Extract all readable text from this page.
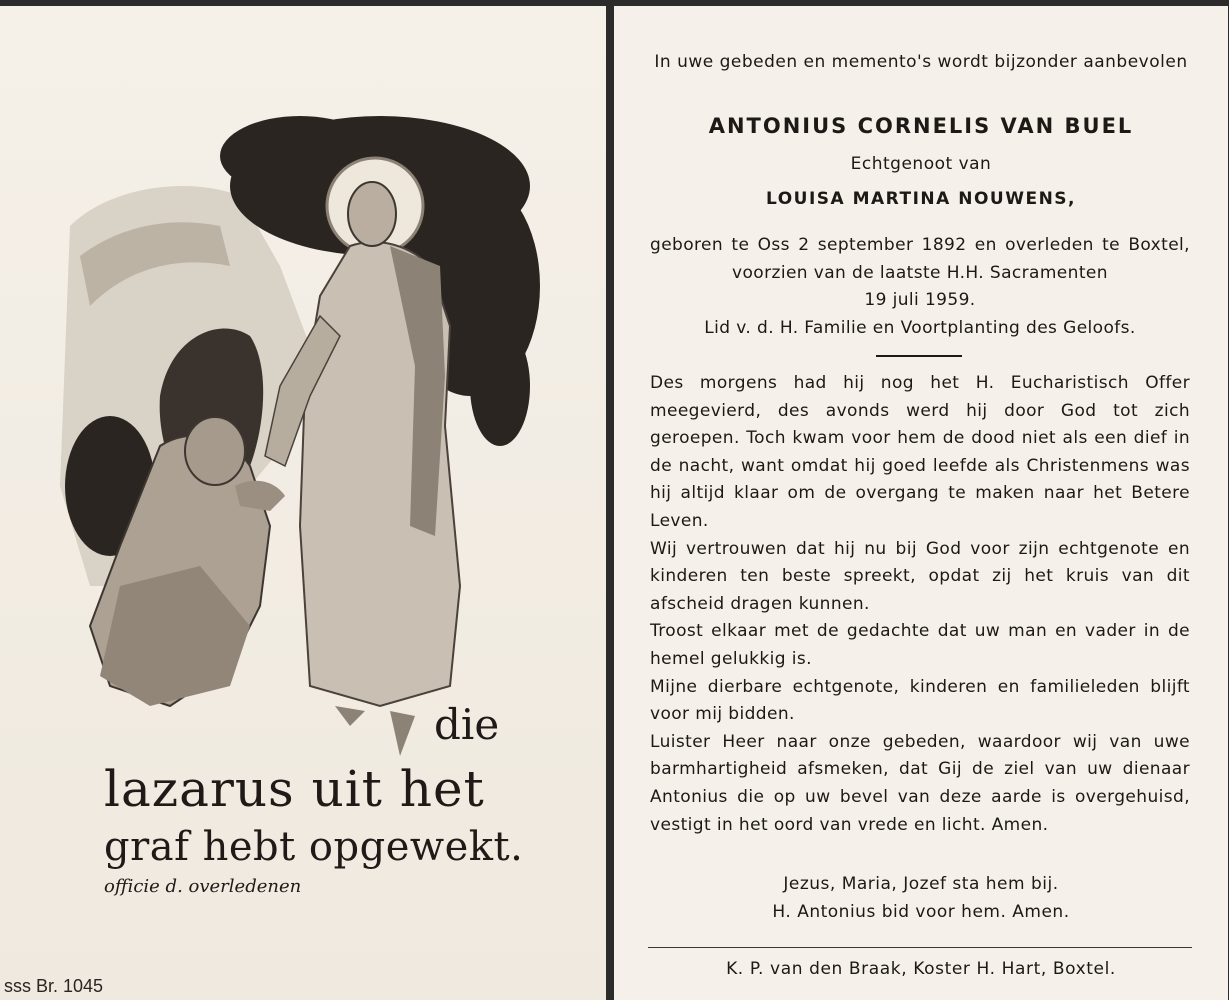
die
lazarus uit het
graf hebt opgewekt.
officie d. overledenen
sss Br. 1045
In uwe gebeden en memento's wordt bijzonder aanbevolen
ANTONIUS CORNELIS VAN BUEL
Echtgenoot van
LOUISA MARTINA NOUWENS,

geboren te Oss 2 september 1892 en overleden te Boxtel, voorzien van de laatste H.H. Sacramenten

19 juli 1959.

Lid v. d. H. Familie en Voortplanting des Geloofs.

Des morgens had hij nog het H. Eucharistisch Offer meegevierd, des avonds werd hij door God tot zich geroepen. Toch kwam voor hem de dood niet als een dief in de nacht, want omdat hij goed leefde als Christenmens was hij altijd klaar om de overgang te maken naar het Betere Leven.

Wij vertrouwen dat hij nu bij God voor zijn echtgenote en kinderen ten beste spreekt, opdat zij het kruis van dit afscheid dragen kunnen.

Troost elkaar met de gedachte dat uw man en vader in de hemel gelukkig is.

Mijne dierbare echtgenote, kinderen en familieleden blijft voor mij bidden.

Luister Heer naar onze gebeden, waardoor wij van uwe barmhartigheid afsmeken, dat Gij de ziel van uw dienaar Antonius die op uw bevel van deze aarde is overgehuisd, vestigt in het oord van vrede en licht. Amen.

Jezus, Maria, Jozef sta hem bij.
H. Antonius bid voor hem. Amen.
K. P. van den Braak, Koster H. Hart, Boxtel.
